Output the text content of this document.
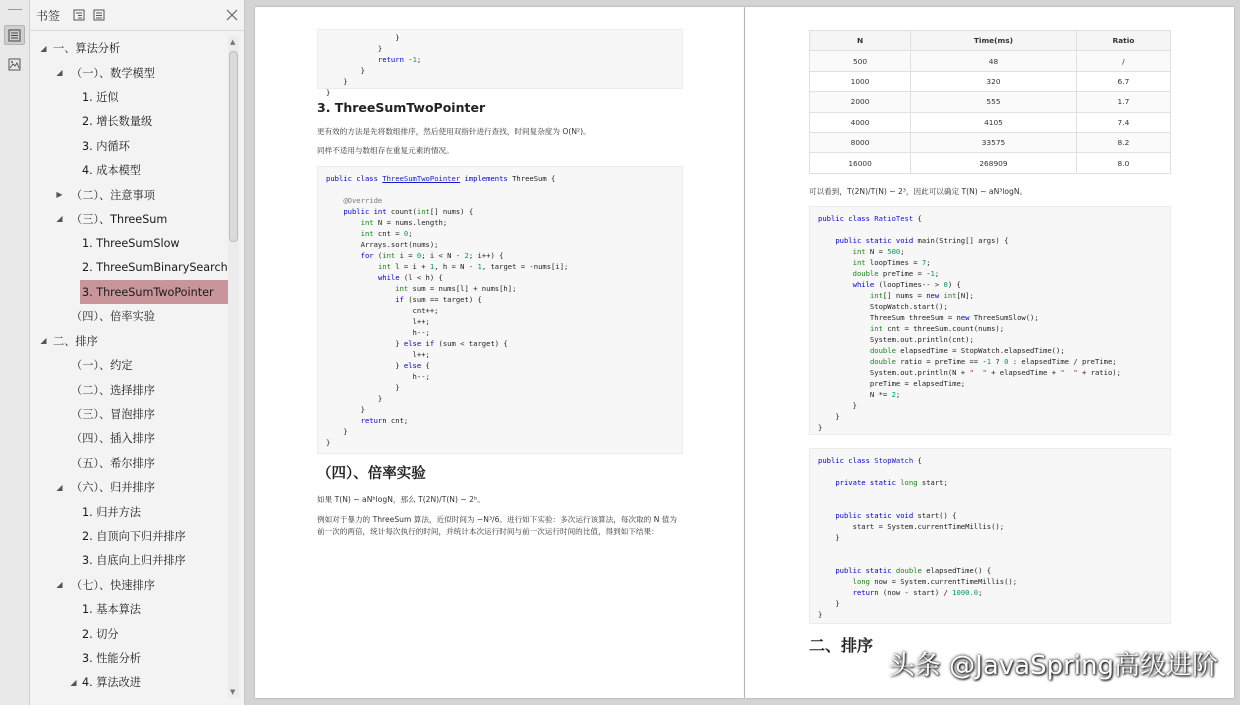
书签
◢ 一、算法分析
◢ （一）、数学模型
1. 近似
2. 增长数量级
3. 内循环
4. 成本模型
▶ （二）、注意事项
◢ （三）、ThreeSum
1. ThreeSumSlow
2. ThreeSumBinarySearch
3. ThreeSumTwoPointer
（四）、倍率实验
◢ 二、排序
（一）、约定
（二）、选择排序
（三）、冒泡排序
（四）、插入排序
（五）、希尔排序
◢ （六）、归并排序
1. 归并方法
2. 自顶向下归并排序
3. 自底向上归并排序
◢ （七）、快速排序
1. 基本算法
2. 切分
3. 性能分析
◢ 4. 算法改进
▲
▼
}
}
return -1;
}
}
}
3. ThreeSumTwoPointer
更有效的方法是先将数组排序，然后使用双指针进行查找，时间复杂度为 O(N²)。
同样不适用与数组存在重复元素的情况。
public class ThreeSumTwoPointer implements ThreeSum {

@Override
public int count(int[] nums) {
int N = nums.length;
int cnt = 0;
Arrays.sort(nums);
for (int i = 0; i < N - 2; i++) {
int l = i + 1, h = N - 1, target = -nums[i];
while (l < h) {
int sum = nums[l] + nums[h];
if (sum == target) {
cnt++;
l++;
h--;
} else if (sum < target) {
l++;
} else {
h--;
}
}
}
return cnt;
}
}
（四）、倍率实验
如果 T(N) ~ aNᵇlogN，那么 T(2N)/T(N) ~ 2ᵇ。
例如对于暴力的 ThreeSum 算法，近似时间为 ~N³/6。进行如下实验：多次运行该算法，每次取的 N 值为前一次的两倍，统计每次执行的时间，并统计本次运行时间与前一次运行时间的比值，得到如下结果：
N	Time(ms)	Ratio
500	48	/
1000	320	6.7
2000	555	1.7
4000	4105	7.4
8000	33575	8.2
16000	268909	8.0
可以看到，T(2N)/T(N) ~ 2³，因此可以确定 T(N) ~ aN³logN。
public class RatioTest {

public static void main(String[] args) {
int N = 500;
int loopTimes = 7;
double preTime = -1;
while (loopTimes-- > 0) {
int[] nums = new int[N];
StopWatch.start();
ThreeSum threeSum = new ThreeSumSlow();
int cnt = threeSum.count(nums);
System.out.println(cnt);
double elapsedTime = StopWatch.elapsedTime();
double ratio = preTime == -1 ? 0 : elapsedTime / preTime;
System.out.println(N + "  " + elapsedTime + "  " + ratio);
preTime = elapsedTime;
N *= 2;
}
}
}
public class StopWatch {

private static long start;

public static void start() {
start = System.currentTimeMillis();
}

public static double elapsedTime() {
long now = System.currentTimeMillis();
return (now - start) / 1000.0;
}
}
二、排序
头条 @JavaSpring高级进阶
